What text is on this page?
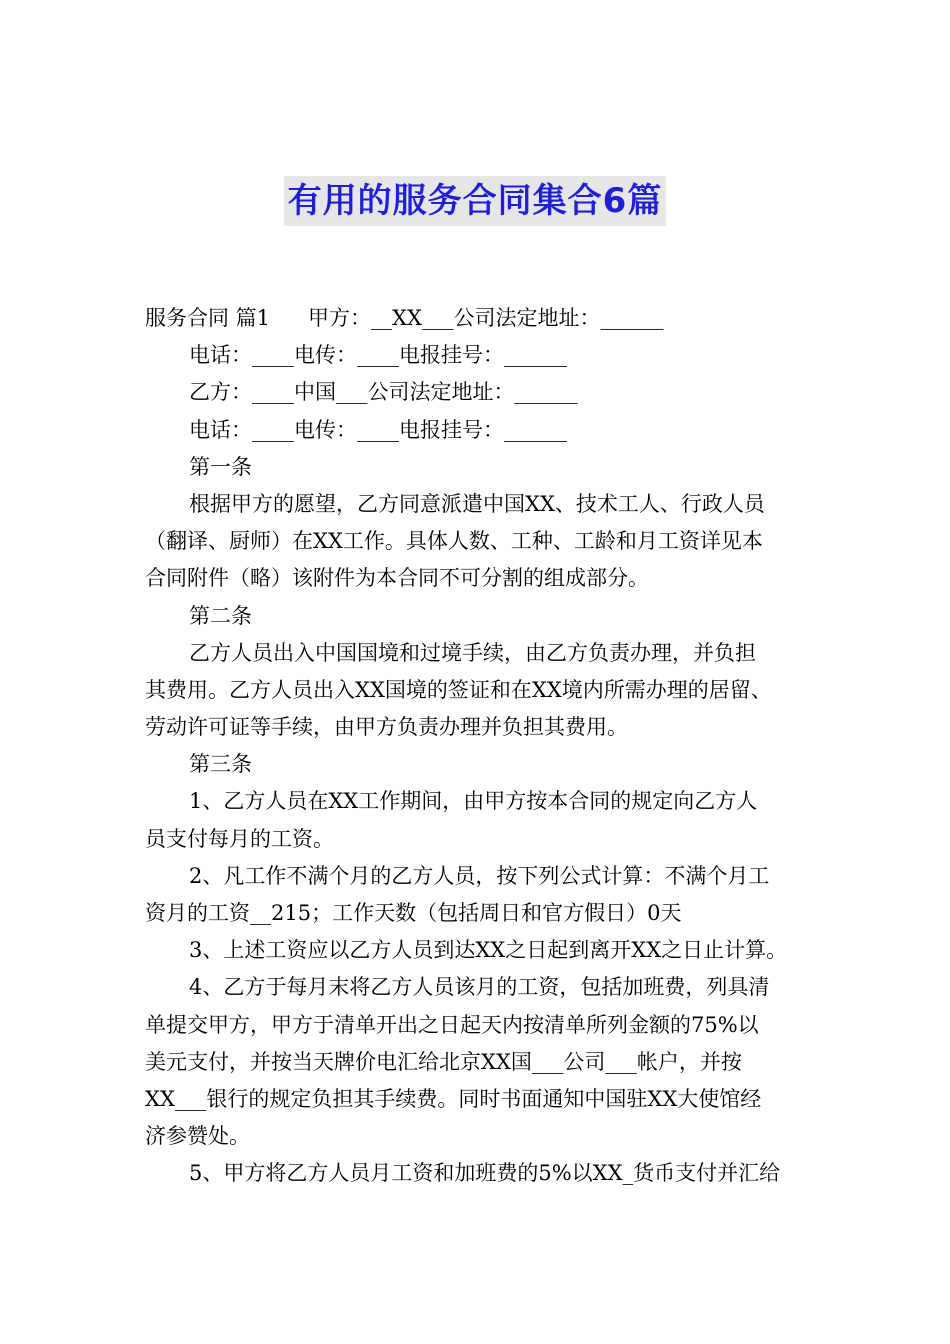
有用的服务合同集合6篇
服务合同 篇1 甲方：__XX___公司法定地址：______
电话：____电传：____电报挂号：______
乙方：____中国___公司法定地址：______
电话：____电传：____电报挂号：______
第一条
根据甲方的愿望，乙方同意派遣中国XX、技术工人、行政人员
（翻译、厨师）在XX工作。具体人数、工种、工龄和月工资详见本
合同附件（略）该附件为本合同不可分割的组成部分。
第二条
乙方人员出入中国国境和过境手续，由乙方负责办理，并负担
其费用。乙方人员出入XX国境的签证和在XX境内所需办理的居留、
劳动许可证等手续，由甲方负责办理并负担其费用。
第三条
1、乙方人员在XX工作期间，由甲方按本合同的规定向乙方人
员支付每月的工资。
2、凡工作不满个月的乙方人员，按下列公式计算：不满个月工
资月的工资__215；工作天数（包括周日和官方假日）0天
3、上述工资应以乙方人员到达XX之日起到离开XX之日止计算。
4、乙方于每月末将乙方人员该月的工资，包括加班费，列具清
单提交甲方，甲方于清单开出之日起天内按清单所列金额的75%以
美元支付，并按当天牌价电汇给北京XX国___公司___帐户，并按
XX___银行的规定负担其手续费。同时书面通知中国驻XX大使馆经
济参赞处。
5、甲方将乙方人员月工资和加班费的5%以XX_货币支付并汇给
